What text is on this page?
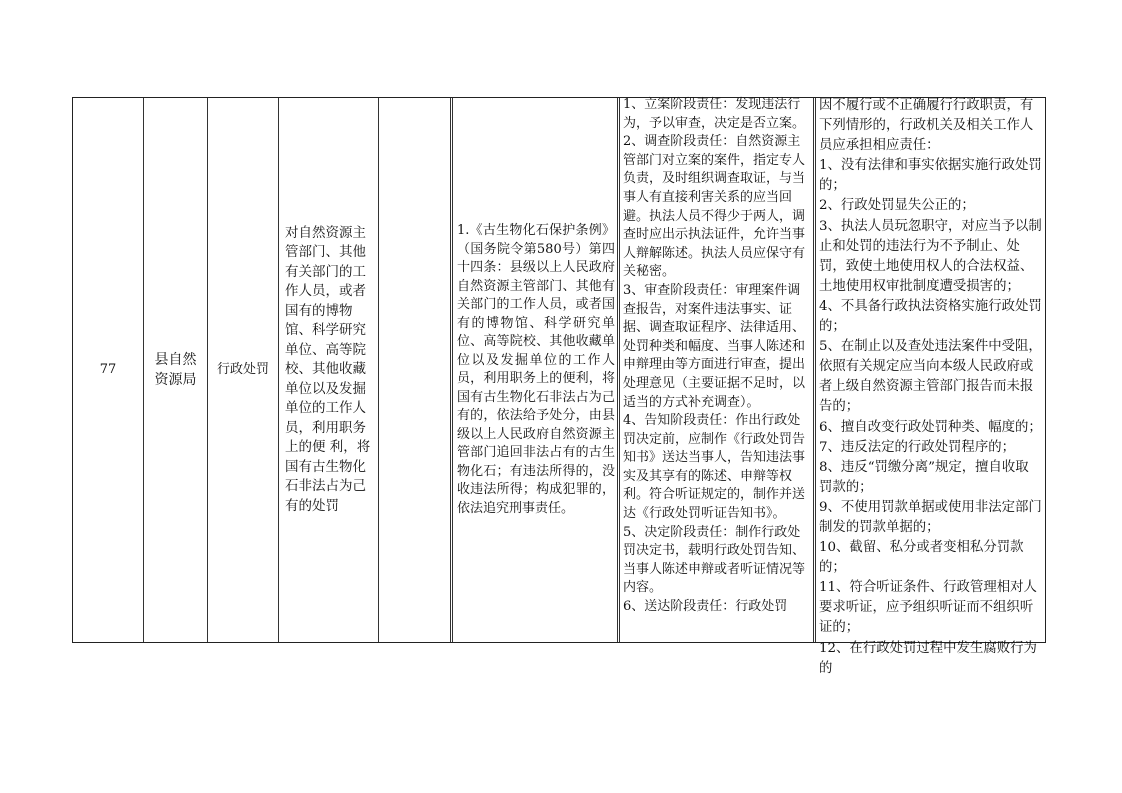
77
县自然
资源局
行政处罚
对自然资源主管部门、其他有关部门的工作人员，或者国有的博物馆、科学研究单位、高等院校、其他收藏单位以及发掘单位的工作人员，利用职务上的便 利，将国有古生物化石非法占为己有的处罚
1.《古生物化石保护条例》（国务院令第580号）第四十四条：县级以上人民政府自然资源主管部门、其他有关部门的工作人员，或者国有的博物馆、科学研究单位、高等院校、其他收藏单位以及发掘单位的工作人员，利用职务上的便利，将国有古生物化石非法占为己有的，依法给予处分，由县级以上人民政府自然资源主管部门追回非法占有的古生物化石；有违法所得的，没收违法所得；构成犯罪的，依法追究刑事责任。
1、立案阶段责任：发现违法行为，予以审查，决定是否立案。
2、调查阶段责任：自然资源主管部门对立案的案件，指定专人负责，及时组织调查取证，与当事人有直接利害关系的应当回避。执法人员不得少于两人，调查时应出示执法证件，允许当事人辩解陈述。执法人员应保守有关秘密。
3、审查阶段责任：审理案件调查报告，对案件违法事实、证据、调查取证程序、法律适用、处罚种类和幅度、当事人陈述和申辩理由等方面进行审查，提出处理意见（主要证据不足时，以适当的方式补充调查）。
4、告知阶段责任：作出行政处罚决定前，应制作《行政处罚告知书》送达当事人，告知违法事实及其享有的陈述、申辩等权利。符合听证规定的，制作并送达《行政处罚听证告知书》。
5、决定阶段责任：制作行政处罚决定书，载明行政处罚告知、当事人陈述申辩或者听证情况等内容。
6、送达阶段责任：行政处罚
因不履行或不正确履行行政职责，有下列情形的，行政机关及相关工作人员应承担相应责任：
1、没有法律和事实依据实施行政处罚的；
2、行政处罚显失公正的；
3、执法人员玩忽职守，对应当予以制止和处罚的违法行为不予制止、处罚，致使土地使用权人的合法权益、土地使用权审批制度遭受损害的；
4、不具备行政执法资格实施行政处罚的；
5、在制止以及查处违法案件中受阻，依照有关规定应当向本级人民政府或者上级自然资源主管部门报告而未报告的；
6、擅自改变行政处罚种类、幅度的；
7、违反法定的行政处罚程序的；
8、违反“罚缴分离”规定，擅自收取罚款的；
9、不使用罚款单据或使用非法定部门制发的罚款单据的；
10、截留、私分或者变相私分罚款的；
11、符合听证条件、行政管理相对人要求听证，应予组织听证而不组织听证的；
12、在行政处罚过程中发生腐败行为的
